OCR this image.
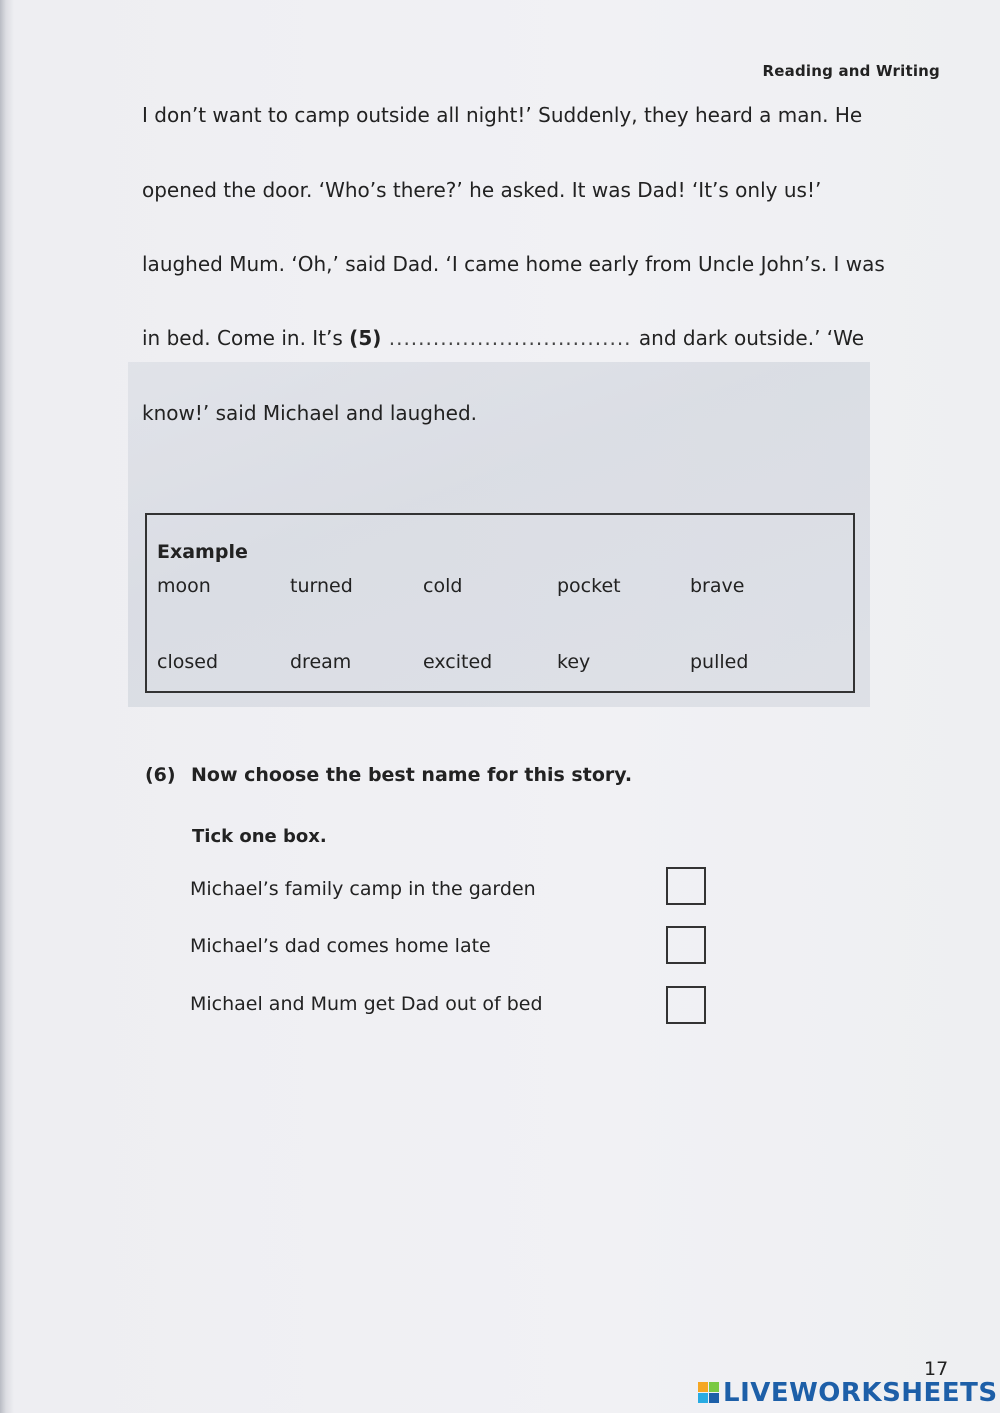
Reading and Writing
I don’t want to camp outside all night!’ Suddenly, they heard a man. He
opened the door. ‘Who’s there?’ he asked. It was Dad! ‘It’s only us!’
laughed Mum. ‘Oh,’ said Dad. ‘I came home early from Uncle John’s. I was
in bed. Come in. It’s (5) ................................. and dark outside.’ ‘We
know!’ said Michael and laughed.
Example
moon	turned	cold	pocket	brave
closed	dream	excited	key	pulled
(6) Now choose the best name for this story.
Tick one box.
Michael’s family camp in the garden
Michael’s dad comes home late
Michael and Mum get Dad out of bed
17
LIVEWORKSHEETS
